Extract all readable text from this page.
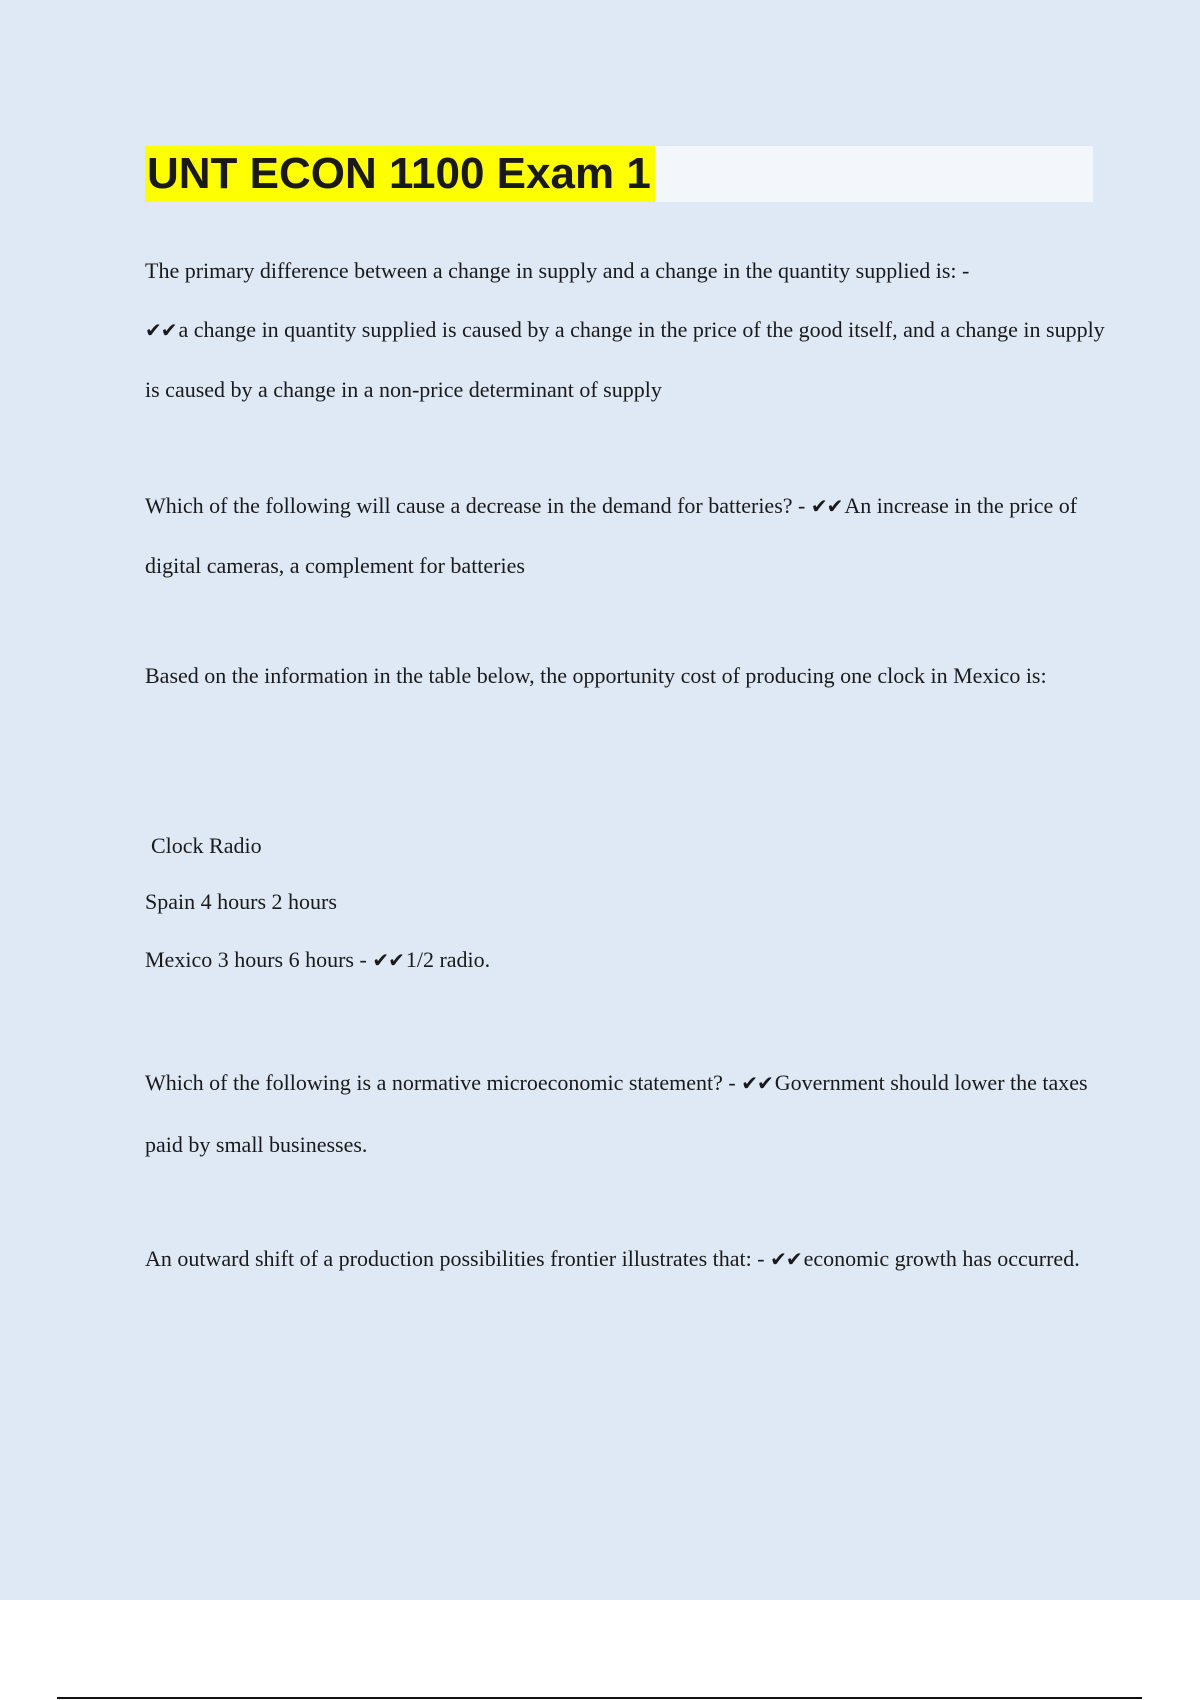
UNT ECON 1100 Exam 1

The primary difference between a change in supply and a change in the quantity supplied is: -
✔✔a change in quantity supplied is caused by a change in the price of the good itself, and a change in supply is caused by a change in a non-price determinant of supply

Which of the following will cause a decrease in the demand for batteries? - ✔✔An increase in the price of digital cameras, a complement for batteries

Based on the information in the table below, the opportunity cost of producing one clock in Mexico is:

Clock Radio

Spain 4 hours 2 hours

Mexico 3 hours 6 hours - ✔✔1/2 radio.

Which of the following is a normative microeconomic statement? - ✔✔Government should lower the taxes paid by small businesses.

An outward shift of a production possibilities frontier illustrates that: - ✔✔economic growth has occurred.
